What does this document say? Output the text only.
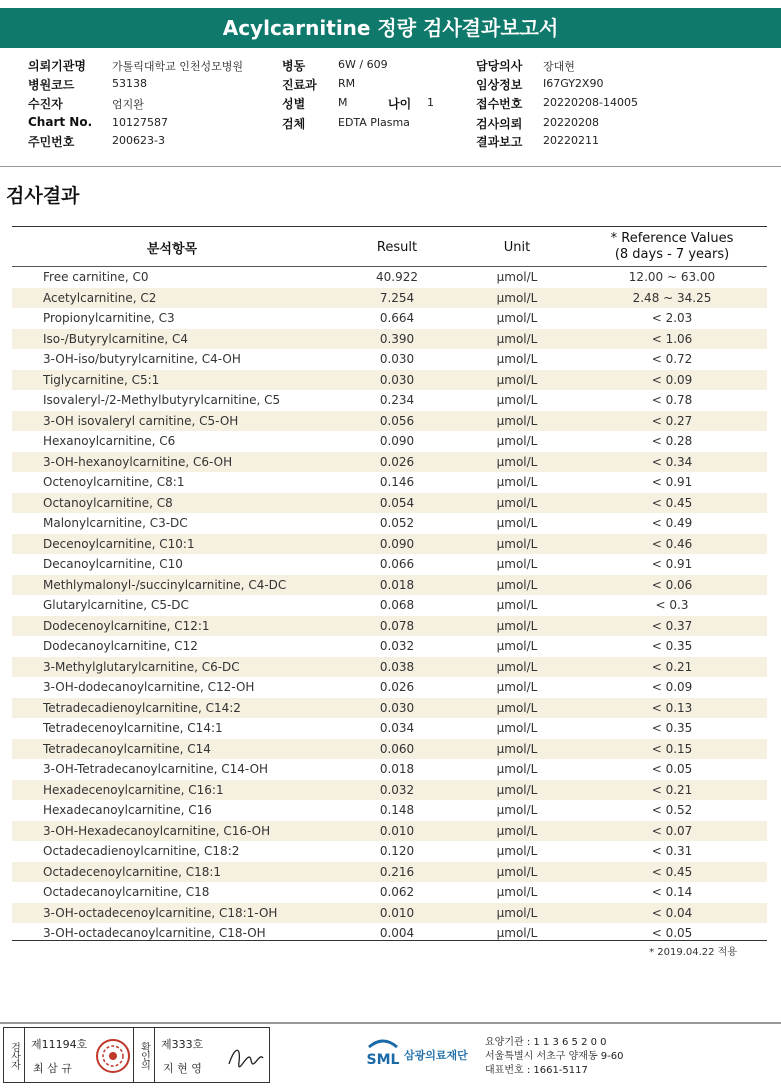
Acylcarnitine 정량 검사결과보고서
의뢰기관명 가톨릭대학교 인천성모병원
병원코드	53138
수진자	엄지완
Chart No. 10127587
주민번호	200623-3
병동	6W / 609
진료과 RM
성별	M	나이 1
검체	EDTA Plasma
담당의사 장대현
임상정보 I67GY2X90
접수번호 20220208-14005
검사의뢰 20220208
결과보고 20220211
검사결과
분석항목	Result	Unit
* Reference Values
(8 days - 7 years)
Free carnitine, C0	40.922	µmol/L	12.00 ~ 63.00
Acetylcarnitine, C2	7.254	µmol/L	2.48 ~ 34.25
Propionylcarnitine, C3	0.664	µmol/L	< 2.03
Iso-/Butyrylcarnitine, C4	0.390	µmol/L	< 1.06
3-OH-iso/butyrylcarnitine, C4-OH	0.030	µmol/L	< 0.72
Tiglycarnitine, C5:1	0.030	µmol/L	< 0.09
Isovaleryl-/2-Methylbutyrylcarnitine, C5	0.234	µmol/L	< 0.78
3-OH isovaleryl carnitine, C5-OH	0.056	µmol/L	< 0.27
Hexanoylcarnitine, C6	0.090	µmol/L	< 0.28
3-OH-hexanoylcarnitine, C6-OH	0.026	µmol/L	< 0.34
Octenoylcarnitine, C8:1	0.146	µmol/L	< 0.91
Octanoylcarnitine, C8	0.054	µmol/L	< 0.45
Malonylcarnitine, C3-DC	0.052	µmol/L	< 0.49
Decenoylcarnitine, C10:1	0.090	µmol/L	< 0.46
Decanoylcarnitine, C10	0.066	µmol/L	< 0.91
Methlymalonyl-/succinylcarnitine, C4-DC	0.018	µmol/L	< 0.06
Glutarylcarnitine, C5-DC	0.068	µmol/L	< 0.3
Dodecenoylcarnitine, C12:1	0.078	µmol/L	< 0.37
Dodecanoylcarnitine, C12	0.032	µmol/L	< 0.35
3-Methylglutarylcarnitine, C6-DC	0.038	µmol/L	< 0.21
3-OH-dodecanoylcarnitine, C12-OH	0.026	µmol/L	< 0.09
Tetradecadienoylcarnitine, C14:2	0.030	µmol/L	< 0.13
Tetradecenoylcarnitine, C14:1	0.034	µmol/L	< 0.35
Tetradecanoylcarnitine, C14	0.060	µmol/L	< 0.15
3-OH-Tetradecanoylcarnitine, C14-OH	0.018	µmol/L	< 0.05
Hexadecenoylcarnitine, C16:1	0.032	µmol/L	< 0.21
Hexadecanoylcarnitine, C16	0.148	µmol/L	< 0.52
3-OH-Hexadecanoylcarnitine, C16-OH	0.010	µmol/L	< 0.07
Octadecadienoylcarnitine, C18:2	0.120	µmol/L	< 0.31
Octadecenoylcarnitine, C18:1	0.216	µmol/L	< 0.45
Octadecanoylcarnitine, C18	0.062	µmol/L	< 0.14
3-OH-octadecenoylcarnitine, C18:1-OH	0.010	µmol/L	< 0.04
3-OH-octadecanoylcarnitine, C18-OH	0.004	µmol/L	< 0.05
* 2019.04.22 적용
검사자	제11194호
최 삼 규	확인의	제333호
지 현 영
SML 삼광의료재단
요양기관 : 1 1 3 6 5 2 0 0
서울특별시 서초구 양재동 9-60
대표번호 : 1661-5117
